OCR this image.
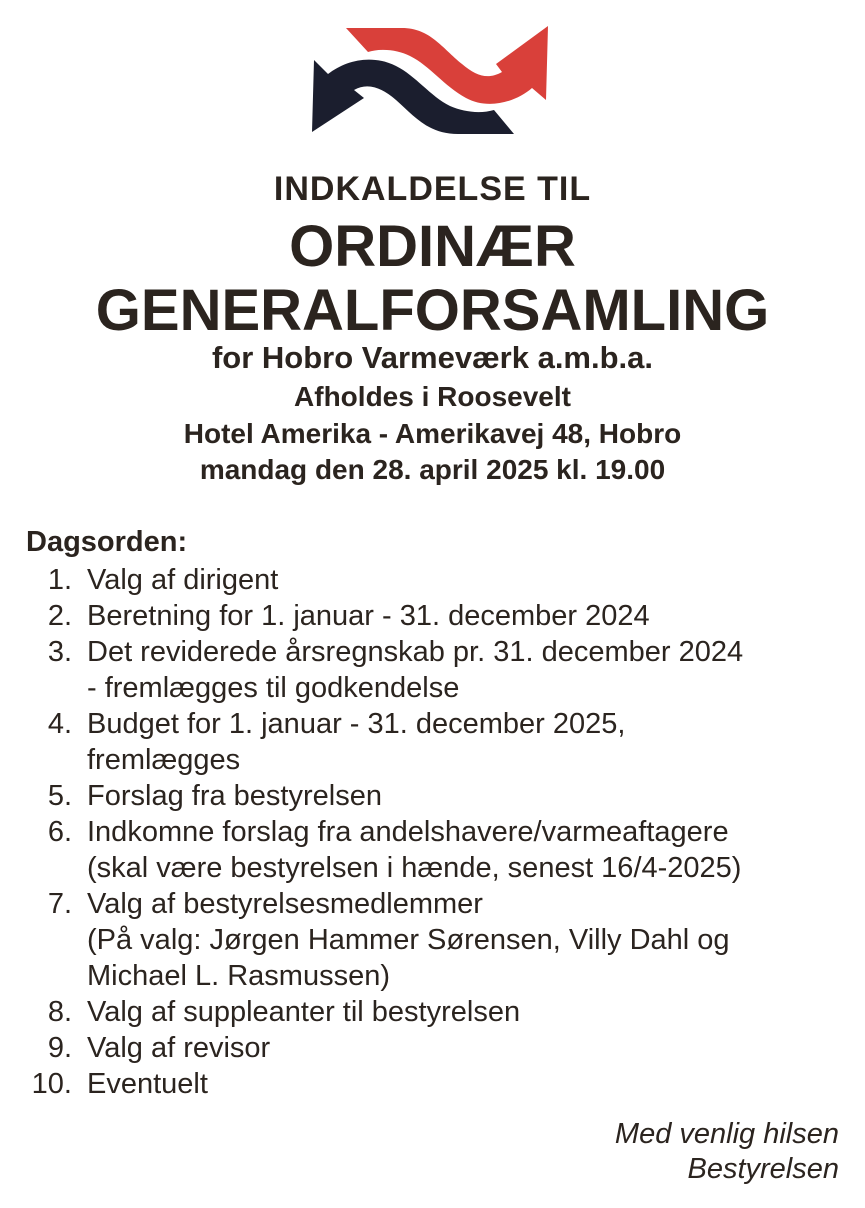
INDKALDELSE TIL
ORDINÆR
GENERALFORSAMLING
for Hobro Varmeværk a.m.b.a.
Afholdes i Roosevelt
Hotel Amerika - Amerikavej 48, Hobro
mandag den 28. april 2025 kl. 19.00
Dagsorden:
1. Valg af dirigent
2. Beretning for 1. januar - 31. december 2024
3. Det reviderede årsregnskab pr. 31. december 2024
- fremlægges til godkendelse
4. Budget for 1. januar - 31. december 2025,
fremlægges
5. Forslag fra bestyrelsen
6. Indkomne forslag fra andelshavere/varmeaftagere
(skal være bestyrelsen i hænde, senest 16/4-2025)
7. Valg af bestyrelsesmedlemmer
(På valg: Jørgen Hammer Sørensen, Villy Dahl og
Michael L. Rasmussen)
8. Valg af suppleanter til bestyrelsen
9. Valg af revisor
10. Eventuelt
Med venlig hilsen
Bestyrelsen
